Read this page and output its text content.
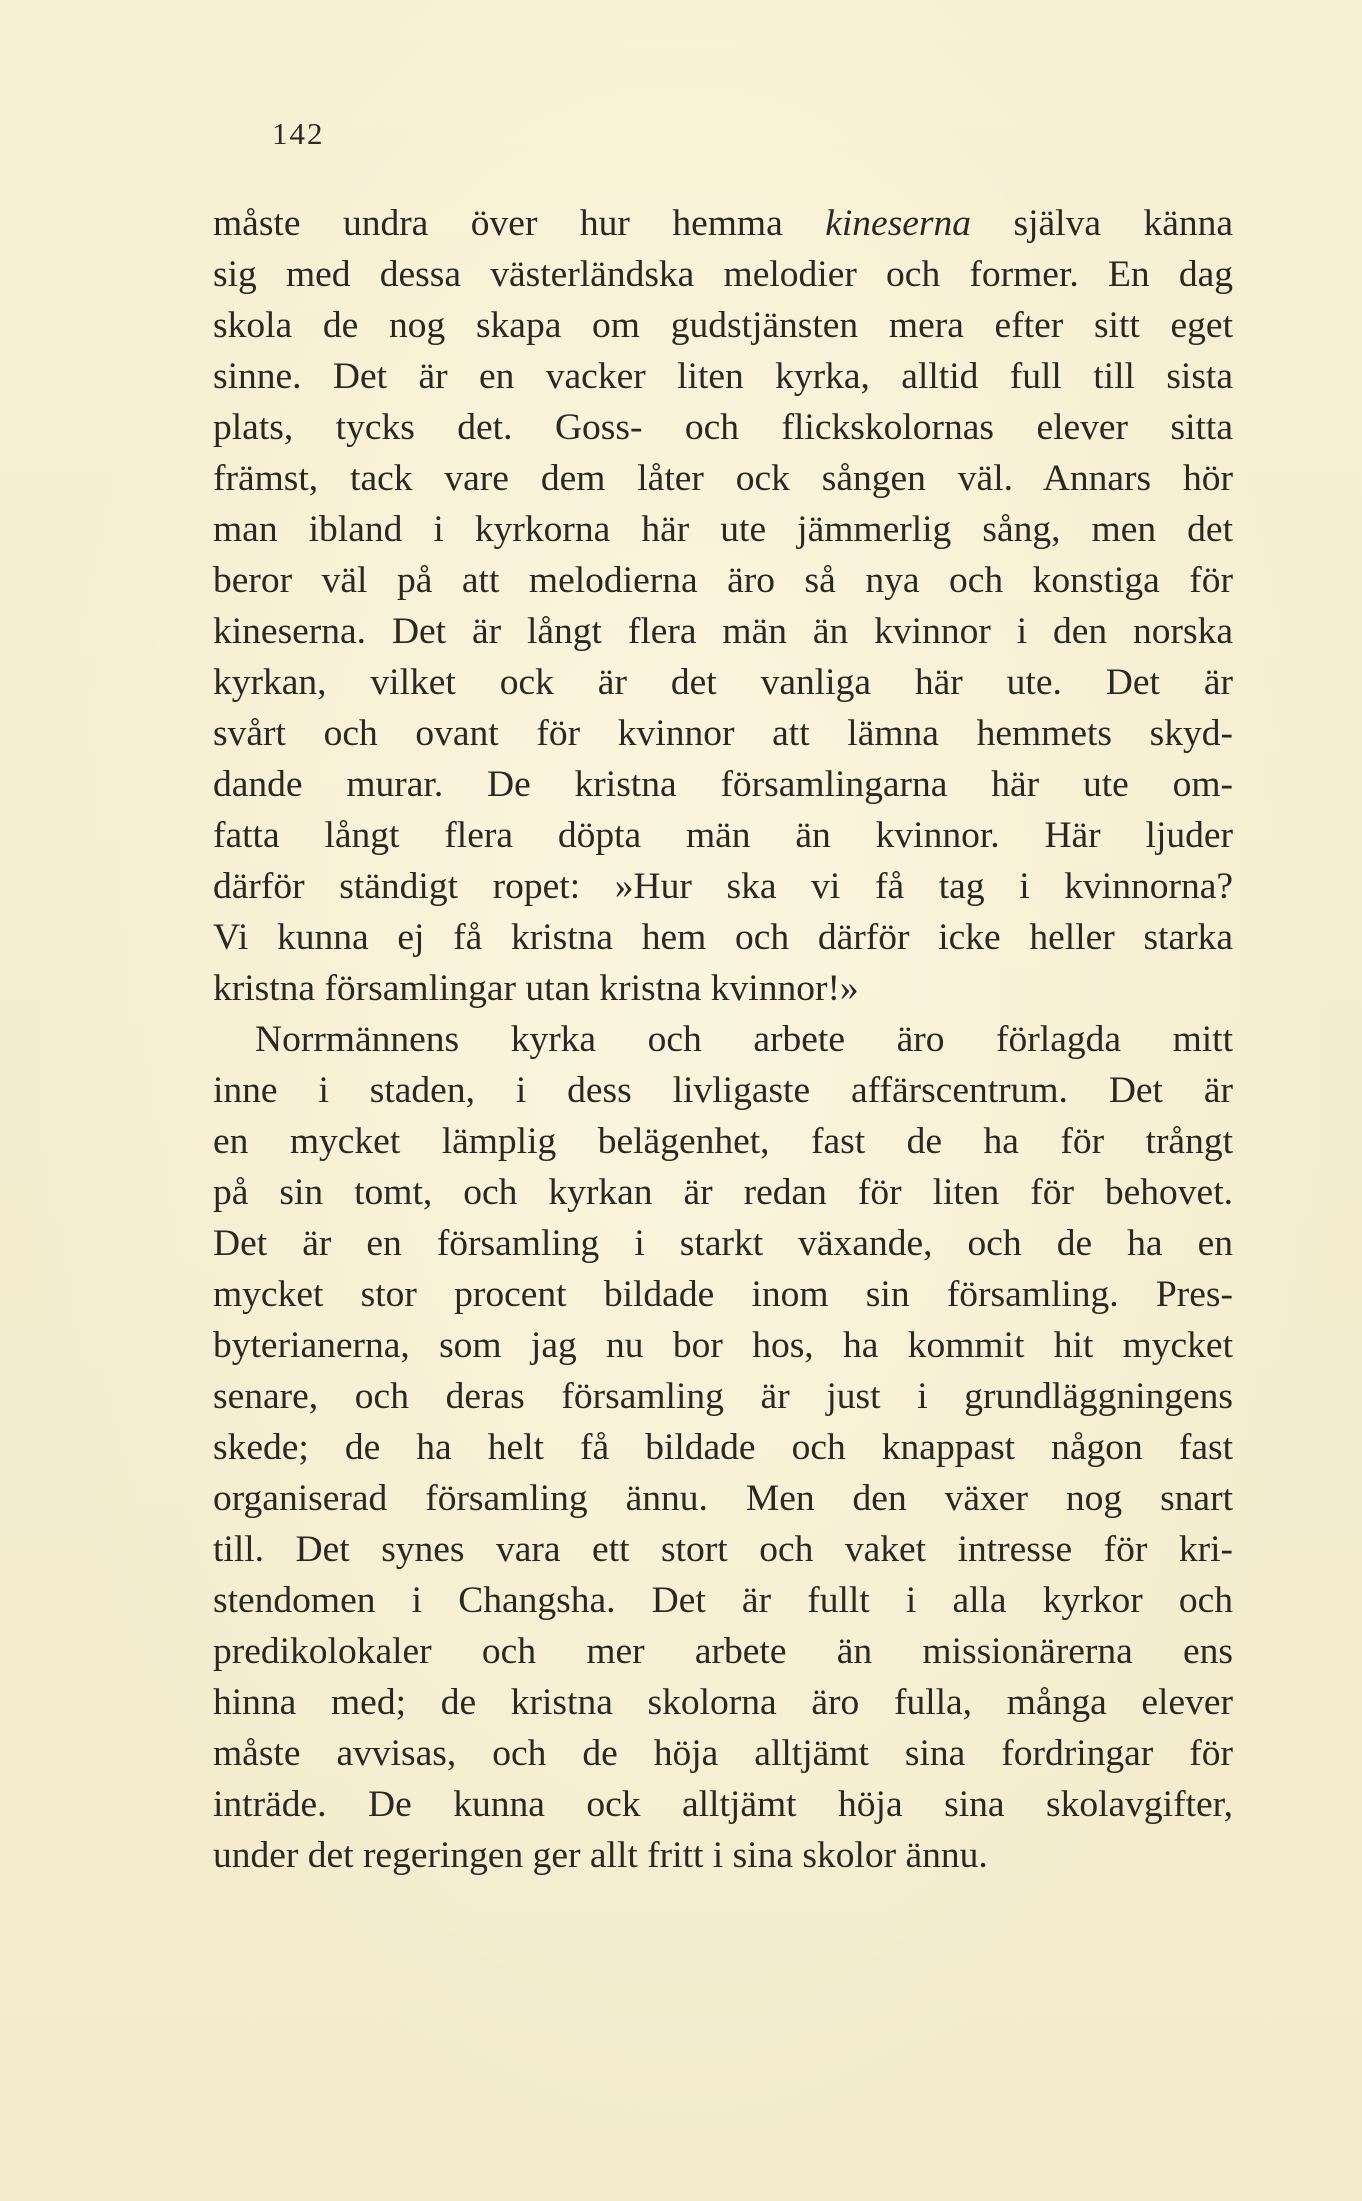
142
måste undra över hur hemma kineserna själva känna
sig med dessa västerländska melodier och former. En dag
skola de nog skapa om gudstjänsten mera efter sitt eget
sinne. Det är en vacker liten kyrka, alltid full till sista
plats, tycks det. Goss- och flickskolornas elever sitta
främst, tack vare dem låter ock sången väl. Annars hör
man ibland i kyrkorna här ute jämmerlig sång, men det
beror väl på att melodierna äro så nya och konstiga för
kineserna. Det är långt flera män än kvinnor i den norska
kyrkan, vilket ock är det vanliga här ute. Det är
svårt och ovant för kvinnor att lämna hemmets skyd-
dande murar. De kristna församlingarna här ute om-
fatta långt flera döpta män än kvinnor. Här ljuder
därför ständigt ropet: »Hur ska vi få tag i kvinnorna?
Vi kunna ej få kristna hem och därför icke heller starka
kristna församlingar utan kristna kvinnor!»
Norrmännens kyrka och arbete äro förlagda mitt
inne i staden, i dess livligaste affärscentrum. Det är
en mycket lämplig belägenhet, fast de ha för trångt
på sin tomt, och kyrkan är redan för liten för behovet.
Det är en församling i starkt växande, och de ha en
mycket stor procent bildade inom sin församling. Pres-
byterianerna, som jag nu bor hos, ha kommit hit mycket
senare, och deras församling är just i grundläggningens
skede; de ha helt få bildade och knappast någon fast
organiserad församling ännu. Men den växer nog snart
till. Det synes vara ett stort och vaket intresse för kri-
stendomen i Changsha. Det är fullt i alla kyrkor och
predikolokaler och mer arbete än missionärerna ens
hinna med; de kristna skolorna äro fulla, många elever
måste avvisas, och de höja alltjämt sina fordringar för
inträde. De kunna ock alltjämt höja sina skolavgifter,
under det regeringen ger allt fritt i sina skolor ännu.
